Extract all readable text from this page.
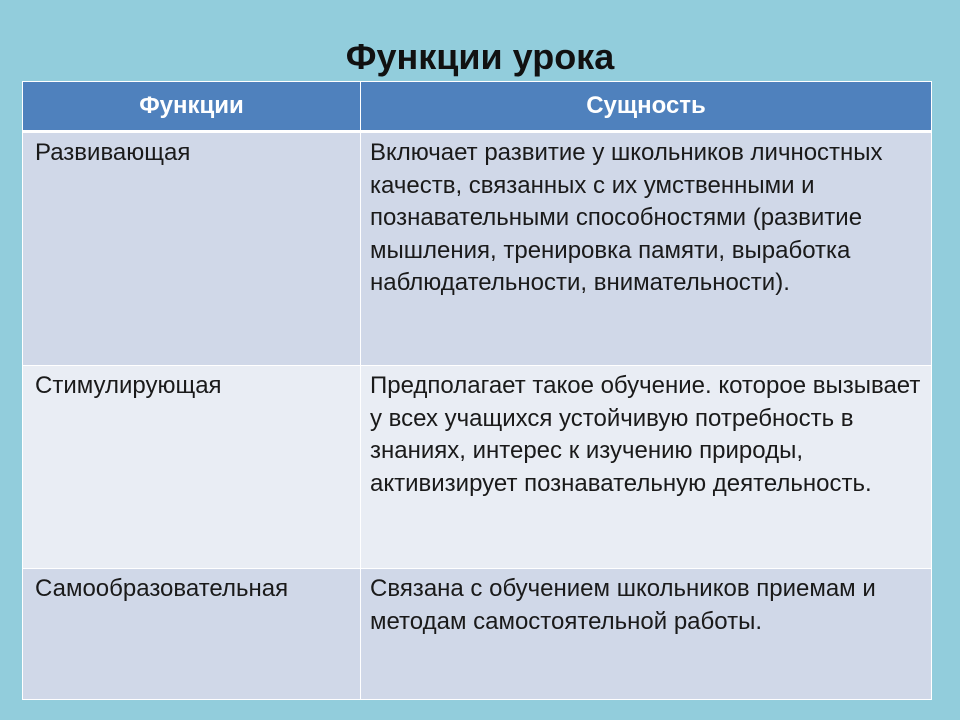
Функции урока
Функции	Сущность
Развивающая	Включает развитие у школьников личностных качеств, связанных с их умственными и познавательными способностями (развитие мышления, тренировка памяти, выработка наблюдательности, внимательности).
Стимулирующая	Предполагает такое обучение. которое вызывает у всех учащихся устойчивую потребность в знаниях, интерес к изучению природы, активизирует познавательную деятельность.
Самообразовательная	Связана с обучением школьников приемам и методам самостоятельной работы.
